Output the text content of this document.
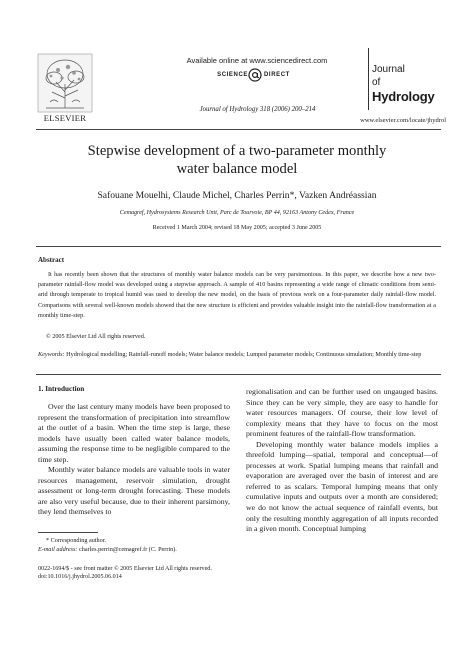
ELSEVIER
Available online at www.sciencedirect.com
SCIENCE	DIRECT
Journal of Hydrology 318 (2006) 200–214
Journal
of
Hydrology
www.elsevier.com/locate/jhydrol
Stepwise development of a two-parameter monthly
water balance model
Safouane Mouelhi, Claude Michel, Charles Perrin*, Vazken Andréassian
Cemagref, Hydrosystems Research Unit, Parc de Tourvoie, BP 44, 92163 Antony Cedex, France
Received 1 March 2004; revised 18 May 2005; accepted 3 June 2005
Abstract
It has recently been shown that the structures of monthly water balance models can be very parsimonious. In this paper, we describe how a new two-parameter rainfall-flow model was developed using a stepwise approach. A sample of 410 basins representing a wide range of climatic conditions from semi-arid through temperate to tropical humid was used to develop the new model, on the basis of previous work on a four-parameter daily rainfall-flow model. Comparisons with several well-known models showed that the new structure is efficient and provides valuable insight into the rainfall-flow transformation at a monthly time-step.
© 2005 Elsevier Ltd All rights reserved.
Keywords: Hydrological modelling; Rainfall-runoff models; Water balance models; Lumped parameter models; Continuous simulation; Monthly time-step
1. Introduction

Over the last century many models have been proposed to represent the transformation of precipitation into streamflow at the outlet of a basin. When the time step is large, these models have usually been called water balance models, assuming the response time to be negligible compared to the time step.

Monthly water balance models are valuable tools in water resources management, reservoir simulation, drought assessment or long-term drought forecasting. These models are also very useful because, due to their inherent parsimony, they lend themselves to

regionalisation and can be further used on ungauged basins. Since they can be very simple, they are easy to handle for water resources managers. Of course, their low level of complexity means that they have to focus on the most prominent features of the rainfall-flow transformation.

Developing monthly water balance models implies a threefold lumping—spatial, temporal and conceptual—of processes at work. Spatial lumping means that rainfall and evaporation are averaged over the basin of interest and are referred to as scalars. Temporal lumping means that only cumulative inputs and outputs over a month are considered; we do not know the actual sequence of rainfall events, but only the resulting monthly aggregation of all inputs recorded in a given month. Conceptual lumping

* Corresponding author.
E-mail address: charles.perrin@cemagref.fr (C. Perrin).
0022-1694/$ - see front matter © 2005 Elsevier Ltd All rights reserved.
doi:10.1016/j.jhydrol.2005.06.014
